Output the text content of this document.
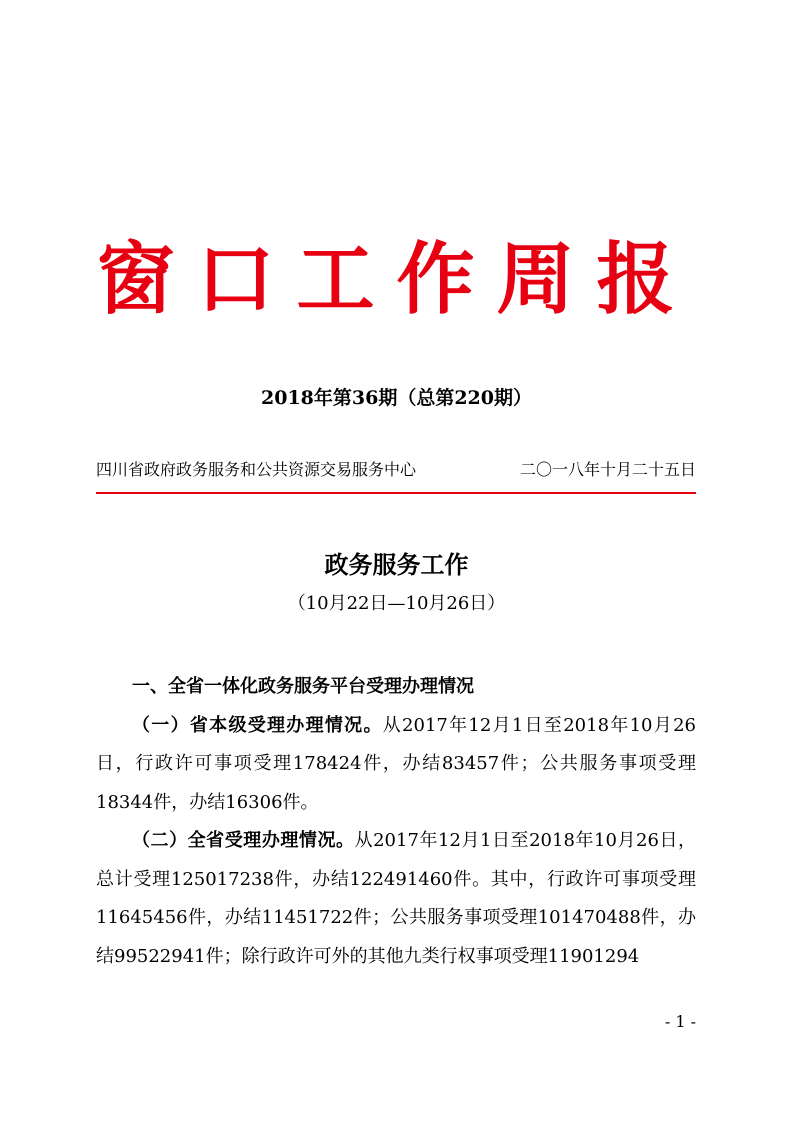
窗口工作周报
2018年第36期（总第220期）
四川省政府政务服务和公共资源交易服务中心	二〇一八年十月二十五日
政务服务工作
（10月22日—10月26日）

一、全省一体化政务服务平台受理办理情况

（一）省本级受理办理情况。从2017年12月1日至2018年10月26日，行政许可事项受理178424件，办结83457件；公共服务事项受理18344件，办结16306件。

（二）全省受理办理情况。从2017年12月1日至2018年10月26日，总计受理125017238件，办结122491460件。其中，行政许可事项受理11645456件，办结11451722件；公共服务事项受理101470488件，办结99522941件；除行政许可外的其他九类行权事项受理11901294

- 1 -
